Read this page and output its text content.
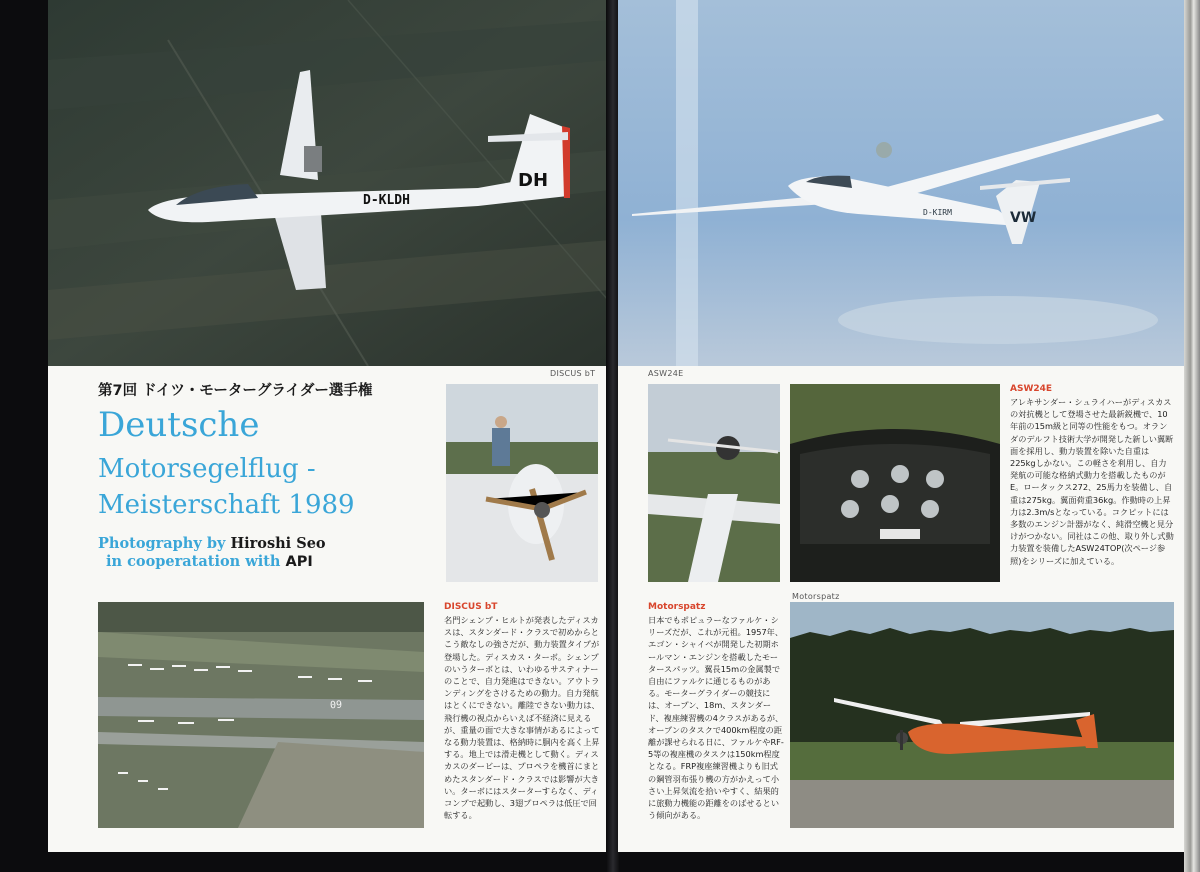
D-KLDH
DH
第7回 ドイツ・モーターグライダー選手権
Deutsche
Motorsegelflug -
Meisterschaft 1989
Photography by Hiroshi Seo
in cooperatation with API
DISCUS bT
09
DISCUS bT
名門シェンプ・ヒルトが発表したディスカスは、スタンダード・クラスで初めからとこう敵なしの強さだが、動力装置タイプが登場した。ディスカス・ターボ。シェンプのいうターボとは、いわゆるサスティナーのことで、自力発進はできない。アウトランディングをさけるための動力。自力発航はとくにできない。離陸できない動力は、飛行機の視点からいえば不経済に見えるが、重量の面で大きな事情があるによってなる動力装置は、格納時に胴内を高く上昇する。地上では滑走機として動く。ディスカスのダービーは、プロペラを機首にまとめたスタンダード・クラスでは影響が大きい。ターボにはスターターすらなく、ディコンプで起動し、3翅プロペラは低圧で回転する。
VW
D-KIRM
ASW24E
ASW24E
アレキサンダー・シュライハーがディスカスの対抗機として登場させた最新鋭機で、10年前の15m級と同等の性能をもつ。オランダのデルフト技術大学が開発した新しい翼断面を採用し、動力装置を除いた自重は225kgしかない。この軽さを利用し、自力発航の可能な格納式動力を搭載したものがE。ロータックス272、25馬力を装備し、自重は275kg。翼面荷重36kg。作動時の上昇力は2.3m/sとなっている。コクピットには多数のエンジン計器がなく、純滑空機と見分けがつかない。同社はこの他、取り外し式動力装置を装備したASW24TOP(次ページ参照)をシリーズに加えている。
Motorspatz
日本でもポピュラーなファルケ・シリーズだが、これが元祖。1957年、エゴン・シャイベが開発した初期ホールマン・エンジンを搭載したモータースパッツ。翼長15mの金属製で自由にファルケに通じるものがある。モーターグライダーの競技には、オープン、18m、スタンダード、複座練習機の4クラスがあるが、オープンのタスクで400km程度の距離が課せられる日に、ファルケやRF-5等の複座機のタスクは150km程度となる。FRP複座練習機よりも旧式の鋼管羽布張り機の方がかえって小さい上昇気流を拾いやすく、結果的に旅動力機能の距離をのばせるという傾向がある。
Motorspatz
